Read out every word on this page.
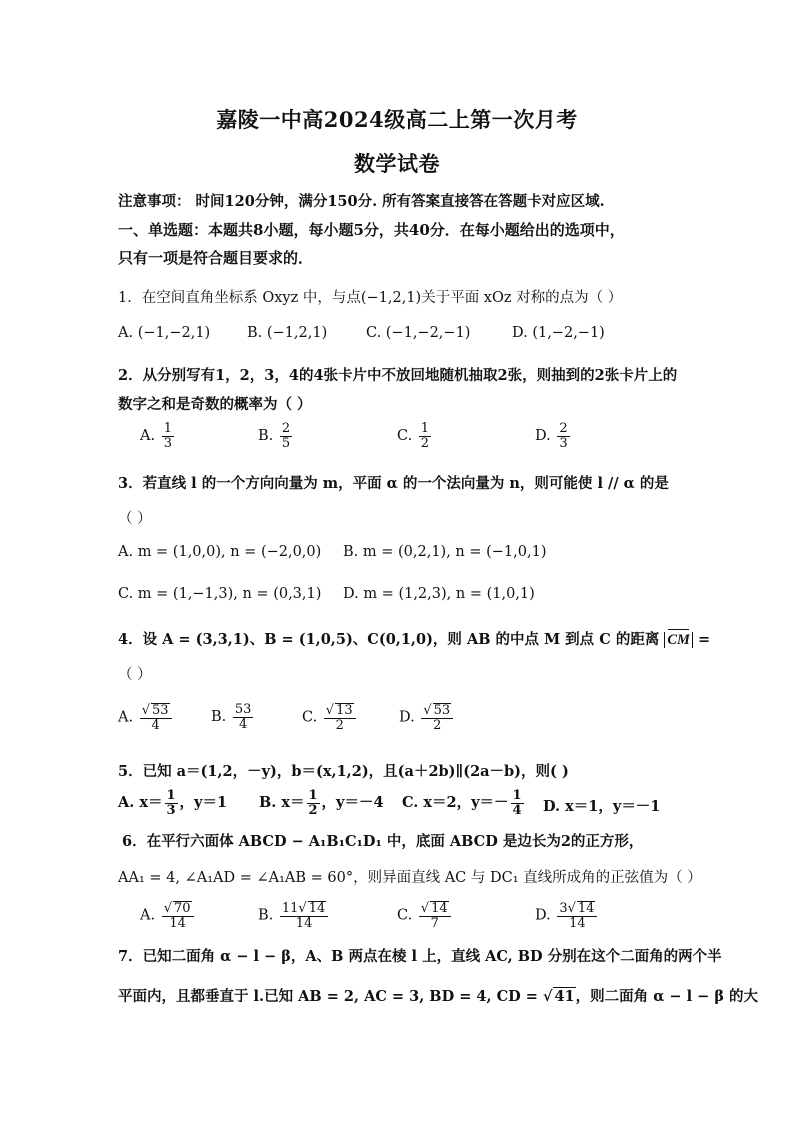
嘉陵一中高2024级高二上第一次月考
数学试卷
注意事项： 时间120分钟，满分150分. 所有答案直接答在答题卡对应区域.
一、单选题：本题共8小题，每小题5分，共40分．在每小题给出的选项中，
只有一项是符合题目要求的．
1．在空间直角坐标系 Oxyz 中，与点(−1,2,1)关于平面 xOz 对称的点为（ ）
A. (−1,−2,1)	B. (−1,2,1)	C. (−1,−2,−1)	D. (1,−2,−1)
2．从分别写有1，2，3，4的4张卡片中不放回地随机抽取2张，则抽到的2张卡片上的
数字之和是奇数的概率为（ ）
A. $\frac{1}{3}$	B. $\frac{2}{5}$	C. $\frac{1}{2}$	D. $\frac{2}{3}$
3．若直线 l 的一个方向向量为 m，平面 α 的一个法向量为 n，则可能使 l // α 的是
（ ）
A. m = (1,0,0), n = (−2,0,0) B. m = (0,2,1), n = (−1,0,1)
C. m = (1,−1,3), n = (0,3,1) D. m = (1,2,3), n = (1,0,1)
4．设 A = (3,3,1)、B = (1,0,5)、C(0,1,0)，则 AB 的中点 M 到点 C 的距离 CM =
（ ）
A. √ $\frac{53}{4}$	B. $\frac{53}{4}$	C. √ $\frac{13}{2}$	D. √ $\frac{53}{2}$
5．已知 a＝(1,2，－y)，b＝(x,1,2)，且(a＋2b)∥(2a－b)，则( )
A. $x= \frac{1}{3}$ ，y＝1 B. $x= \frac{1}{2}$ ，y＝－4 C. x＝2，$y=- \frac{1}{4} D$. x＝1，y＝－1
6．在平行六面体 ABCD − A₁B₁C₁D₁ 中，底面 ABCD 是边长为2的正方形，
AA₁ = 4, ∠A₁AD = ∠A₁AB = 60°，则异面直线 AC 与 DC₁ 直线所成角的正弦值为（ ）
A. √ $\frac{70}{14}$	B. $\frac{11 √ 14}{14}$	C. √ $\frac{14}{7}$	D. $\frac{3 √ 14}{14}$
7．已知二面角 α − l − β，A、B 两点在棱 l 上，直线 AC, BD 分别在这个二面角的两个半
平面内，且都垂直于 l.已知 AB = 2, AC = 3, BD = 4, CD = √ 41，则二面角 α − l − β 的大
